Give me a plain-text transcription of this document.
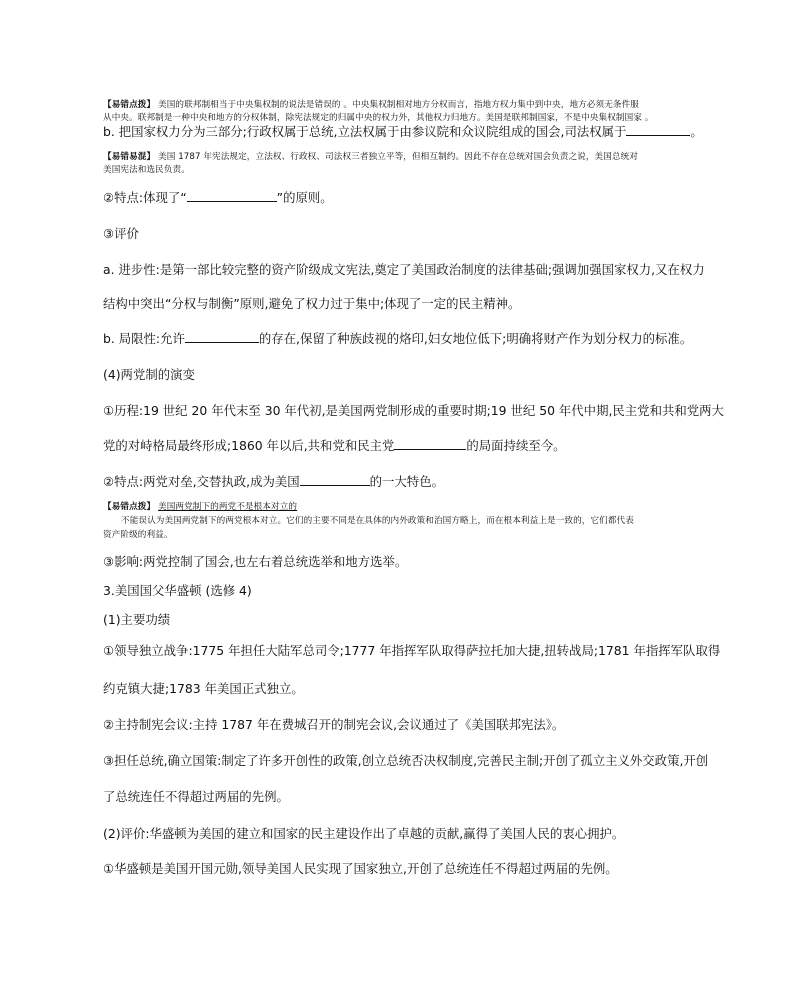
【易错点拨】 美国的联邦制相当于中央集权制的说法是错误的 。中央集权制相对地方分权而言，指地方权力集中到中央，地方必须无条件服
从中央。联邦制是一种中央和地方的分权体制，除宪法规定的归属中央的权力外，其他权力归地方。美国是联邦制国家，不是中央集权制国家 。
b. 把国家权力分为三部分;行政权属于总统,立法权属于由参议院和众议院组成的国会,司法权属于	。
【易错易混】 美国 1787 年宪法规定，立法权、行政权、司法权三者独立平等，但相互制约。因此不存在总统对国会负责之说，美国总统对
美国宪法和选民负责。
②特点:体现了“	”的原则。
③评价
a. 进步性:是第一部比较完整的资产阶级成文宪法,奠定了美国政治制度的法律基础;强调加强国家权力,又在权力
结构中突出“分权与制衡”原则,避免了权力过于集中;体现了一定的民主精神。
b. 局限性:允许	的存在,保留了种族歧视的烙印,妇女地位低下;明确将财产作为划分权力的标准。
(4)两党制的演变
①历程:19 世纪 20 年代末至 30 年代初,是美国两党制形成的重要时期;19 世纪 50 年代中期,民主党和共和党两大
党的对峙格局最终形成;1860 年以后,共和党和民主党	的局面持续至今。
②特点:两党对垒,交替执政,成为美国	的一大特色。
【易错点拨】 美国两党制下的两党不是根本对立的
不能误认为美国两党制下的两党根本对立。它们的主要不同是在具体的内外政策和治国方略上，而在根本利益上是一致的，它们都代表
资产阶级的利益。
③影响:两党控制了国会,也左右着总统选举和地方选举。
3.美国国父华盛顿 (选修 4)
(1)主要功绩
①领导独立战争:1775 年担任大陆军总司令;1777 年指挥军队取得萨拉托加大捷,扭转战局;1781 年指挥军队取得
约克镇大捷;1783 年美国正式独立。
②主持制宪会议:主持 1787 年在费城召开的制宪会议,会议通过了《美国联邦宪法》。
③担任总统,确立国策:制定了许多开创性的政策,创立总统否决权制度,完善民主制;开创了孤立主义外交政策,开创
了总统连任不得超过两届的先例。
(2)评价:华盛顿为美国的建立和国家的民主建设作出了卓越的贡献,赢得了美国人民的衷心拥护。
①华盛顿是美国开国元勋,领导美国人民实现了国家独立,开创了总统连任不得超过两届的先例。
